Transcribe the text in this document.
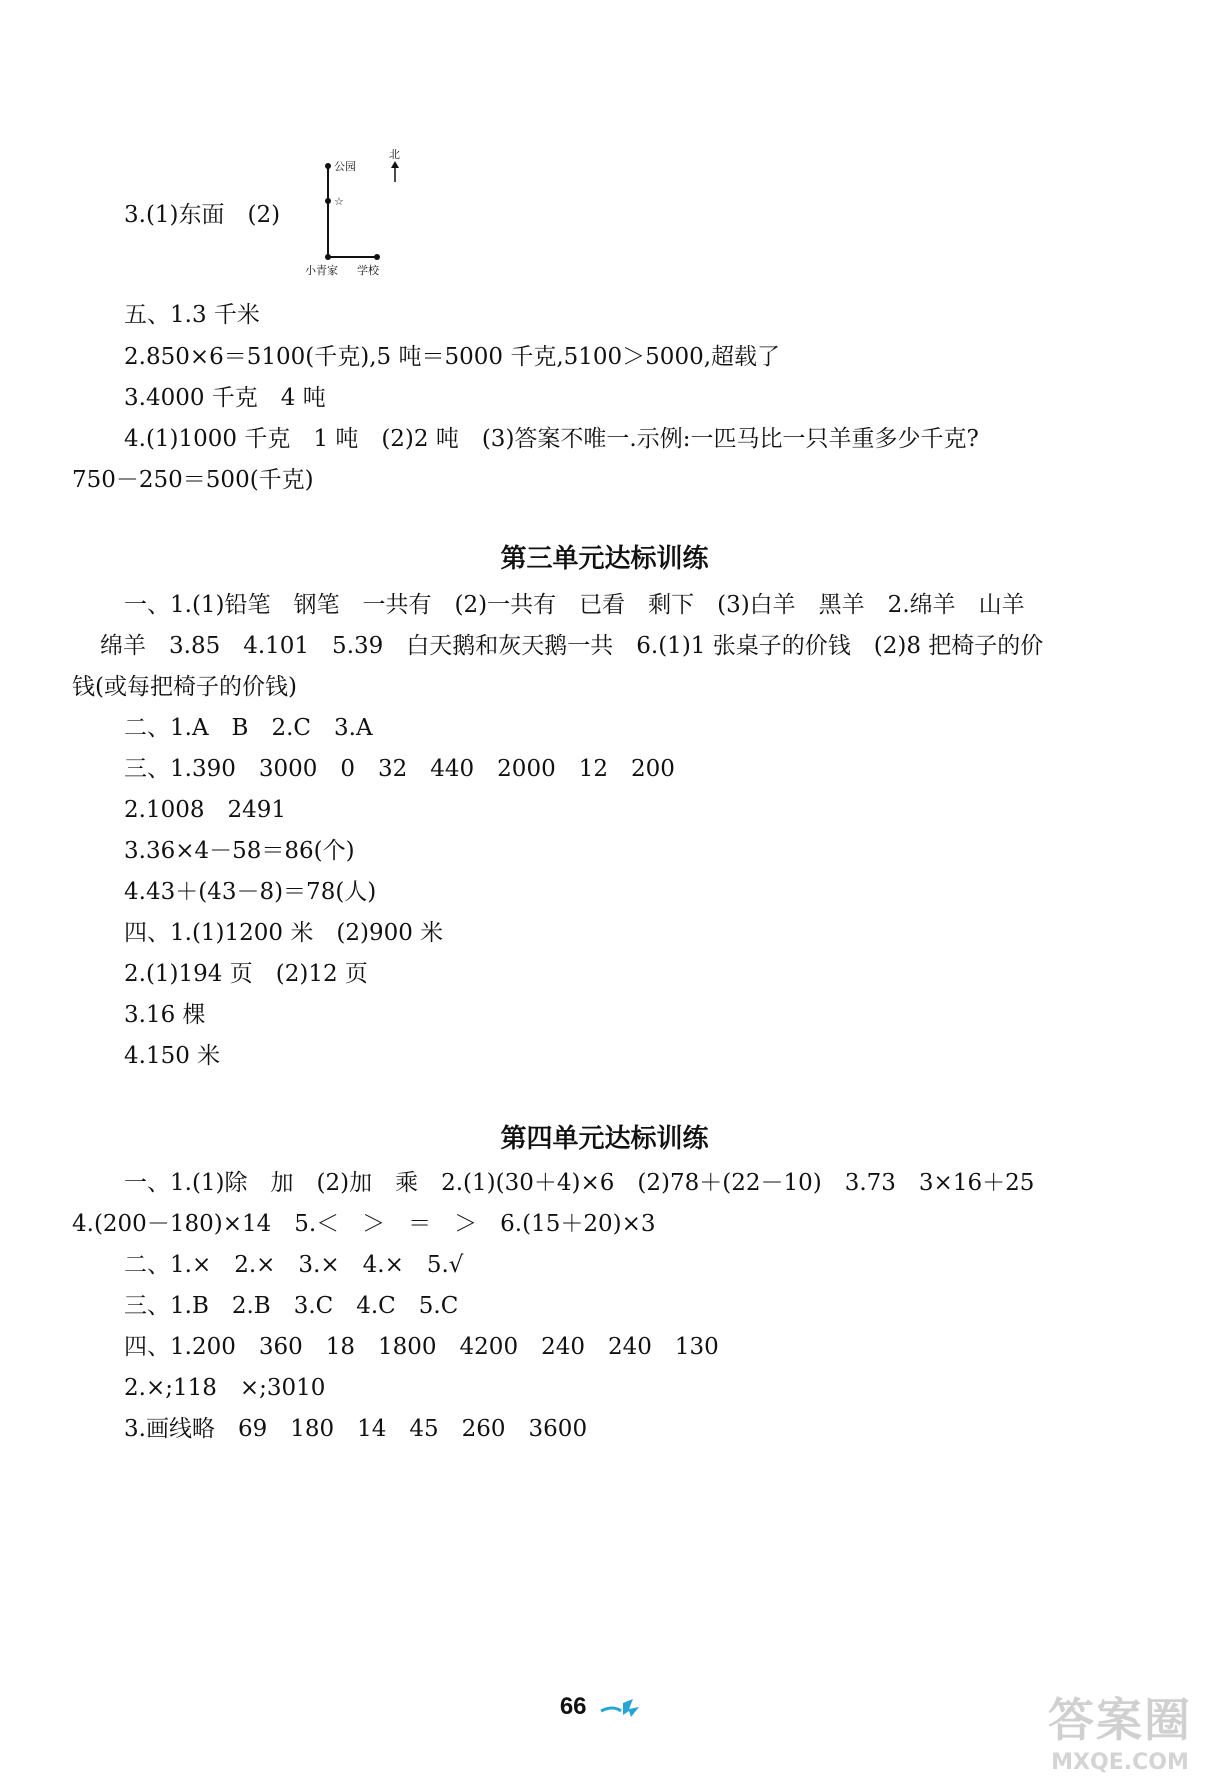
公园
☆
小青家 学校
北
3.(1)东面　(2)
五、1.3 千米
2.850×6＝5100(千克),5 吨＝5000 千克,5100＞5000,超载了
3.4000 千克　4 吨
4.(1)1000 千克　1 吨　(2)2 吨　(3)答案不唯一.示例:一匹马比一只羊重多少千克?
750－250＝500(千克)
第三单元达标训练
一、1.(1)铅笔　钢笔　一共有　(2)一共有　已看　剩下　(3)白羊　黑羊　2.绵羊　山羊
绵羊　3.85　4.101　5.39　白天鹅和灰天鹅一共　6.(1)1 张桌子的价钱　(2)8 把椅子的价
钱(或每把椅子的价钱)
二、1.A　B　2.C　3.A
三、1.390　3000　0　32　440　2000　12　200
2.1008　2491
3.36×4－58＝86(个)
4.43＋(43－8)＝78(人)
四、1.(1)1200 米　(2)900 米
2.(1)194 页　(2)12 页
3.16 棵
4.150 米
第四单元达标训练
一、1.(1)除　加　(2)加　乘　2.(1)(30＋4)×6　(2)78＋(22－10)　3.73　3×16＋25
4.(200－180)×14　5.＜　＞　＝　＞　6.(15＋20)×3
二、1.×　2.×　3.×　4.×　5.√
三、1.B　2.B　3.C　4.C　5.C
四、1.200　360　18　1800　4200　240　240　130
2.×;118　×;3010
3.画线略　69　180　14　45　260　3600
66	答案圈
MXQE.COM
